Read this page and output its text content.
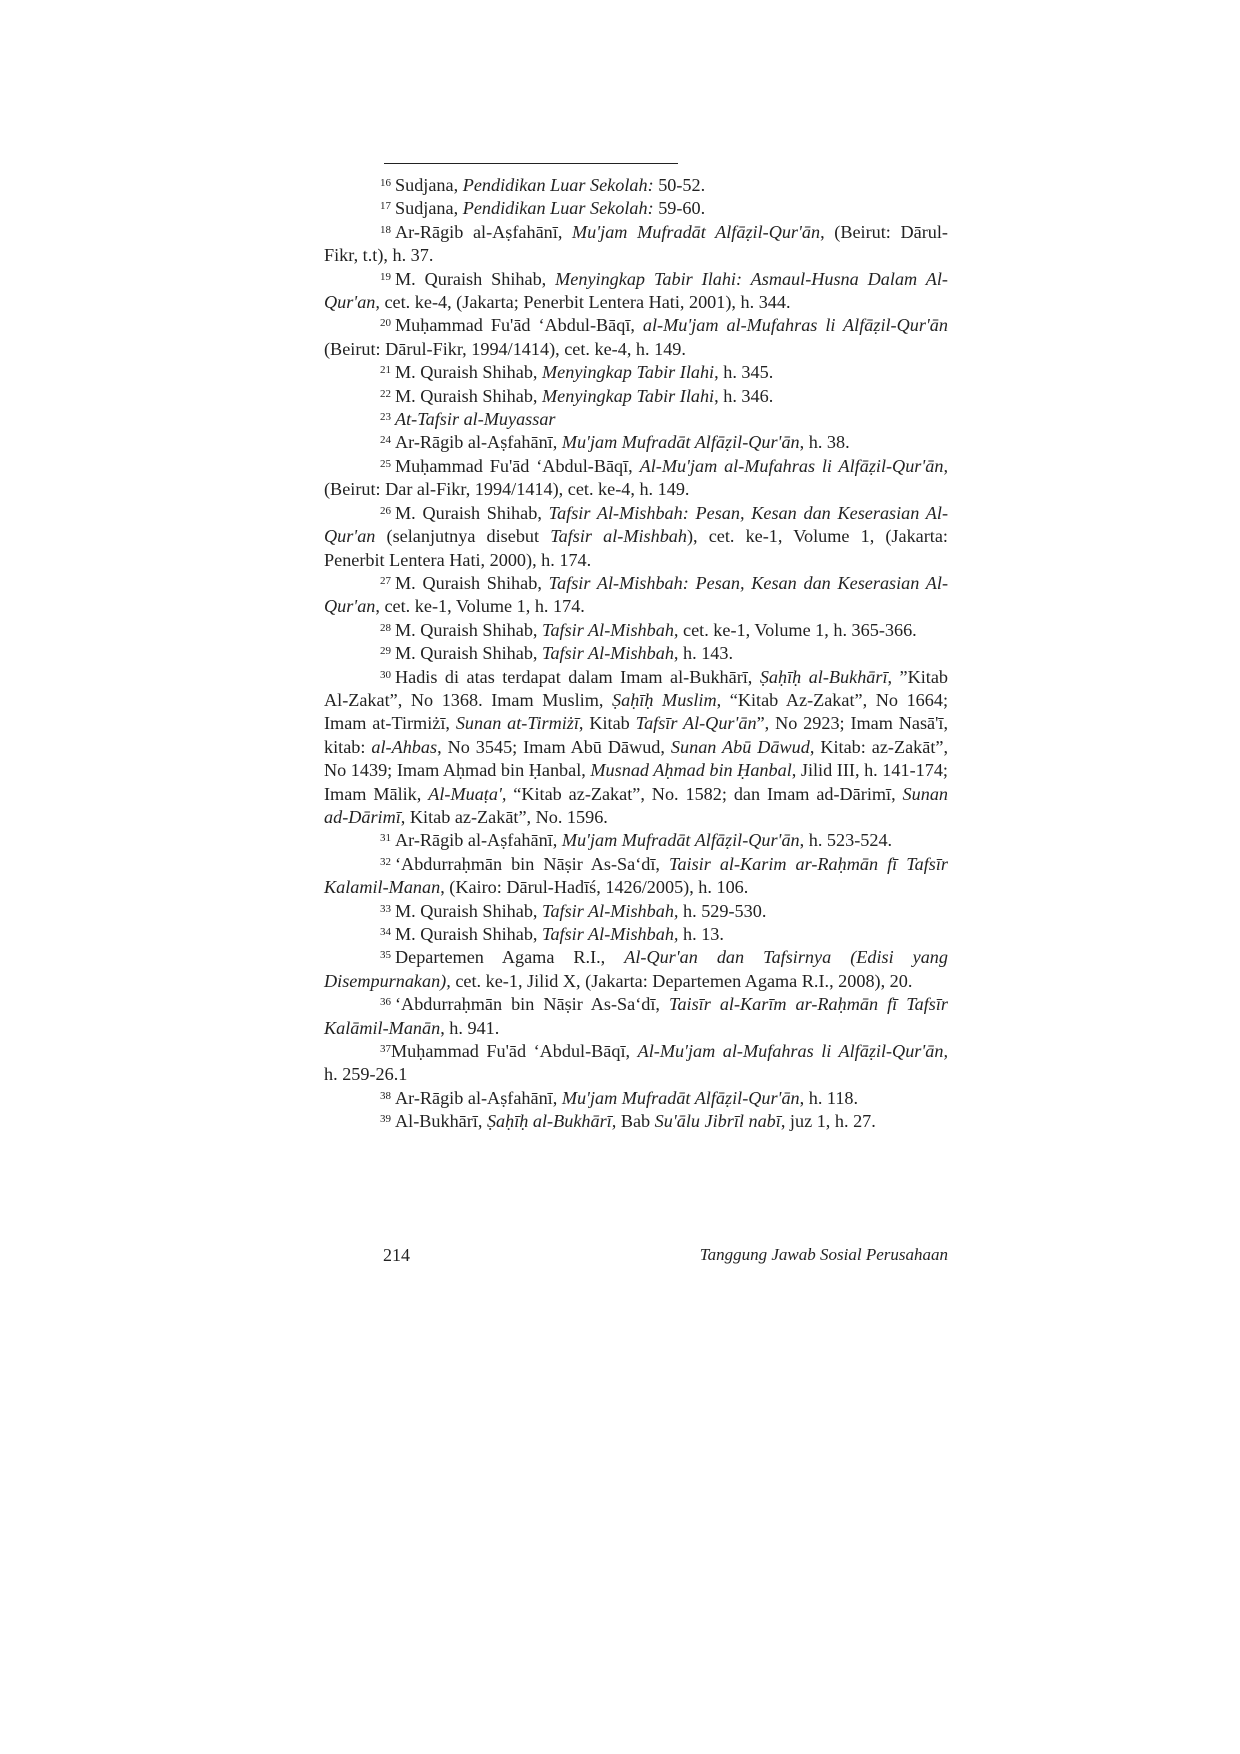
$^{16}$ Sudjana, Pendidikan Luar Sekolah: 50-52.

$^{17}$ Sudjana, Pendidikan Luar Sekolah: 59-60.

$^{18}$ Ar-Rāgib al-Aṣfahānī, Mu'jam Mufradāt Alfāẓil-Qur'ān, (Beirut: Dārul-Fikr, t.t), h. 37.

$^{19}$ M. Quraish Shihab, Menyingkap Tabir Ilahi: Asmaul-Husna Dalam Al-Qur'an, cet. ke-4, (Jakarta; Penerbit Lentera Hati, 2001), h. 344.

$^{20}$ Muḥammad Fu'ād ‘Abdul-Bāqī, al-Mu'jam al-Mufahras li Alfāẓil-Qur'ān (Beirut: Dārul-Fikr, 1994/1414), cet. ke-4, h. 149.

$^{21}$ M. Quraish Shihab, Menyingkap Tabir Ilahi, h. 345.

$^{22}$ M. Quraish Shihab, Menyingkap Tabir Ilahi, h. 346.

$^{23}$ At-Tafsir al-Muyassar

$^{24}$ Ar-Rāgib al-Aṣfahānī, Mu'jam Mufradāt Alfāẓil-Qur'ān, h. 38.

$^{25}$ Muḥammad Fu'ād ‘Abdul-Bāqī, Al-Mu'jam al-Mufahras li Alfāẓil-Qur'ān, (Beirut: Dar al-Fikr, 1994/1414), cet. ke-4, h. 149.

$^{26}$ M. Quraish Shihab, Tafsir Al-Mishbah: Pesan, Kesan dan Keserasian Al-Qur'an (selanjutnya disebut Tafsir al-Mishbah), cet. ke-1, Volume 1, (Jakarta: Penerbit Lentera Hati, 2000), h. 174.

$^{27}$ M. Quraish Shihab, Tafsir Al-Mishbah: Pesan, Kesan dan Keserasian Al-Qur'an, cet. ke-1, Volume 1, h. 174.

$^{28}$ M. Quraish Shihab, Tafsir Al-Mishbah, cet. ke-1, Volume 1, h. 365-366.

$^{29}$ M. Quraish Shihab, Tafsir Al-Mishbah, h. 143.

$^{30}$ Hadis di atas terdapat dalam Imam al-Bukhārī, Ṣaḥīḥ al-Bukhārī, ”Kitab Al-Zakat”, No 1368. Imam Muslim, Ṣaḥīḥ Muslim, “Kitab Az-Zakat”, No 1664; Imam at-Tirmiżī, Sunan at-Tirmiżī, Kitab Tafsīr Al-Qur'ān”, No 2923; Imam Nasā'ī, kitab: al-Ahbas, No 3545; Imam Abū Dāwud, Sunan Abū Dāwud, Kitab: az-Zakāt”, No 1439; Imam Aḥmad bin Ḥanbal, Musnad Aḥmad bin Ḥanbal, Jilid III, h. 141-174; Imam Mālik, Al-Muaṭa', “Kitab az-Zakat”, No. 1582; dan Imam ad-Dārimī, Sunan ad-Dārimī, Kitab az-Zakāt”, No. 1596.

$^{31}$ Ar-Rāgib al-Aṣfahānī, Mu'jam Mufradāt Alfāẓil-Qur'ān, h. 523-524.

$^{32}$ ‘Abdurraḥmān bin Nāṣir As-Sa‘dī, Taisir al-Karim ar-Raḥmān fī Tafsīr Kalamil-Manan, (Kairo: Dārul-Hadīś, 1426/2005), h. 106.

$^{33}$ M. Quraish Shihab, Tafsir Al-Mishbah, h. 529-530.

$^{34}$ M. Quraish Shihab, Tafsir Al-Mishbah, h. 13.

$^{35}$ Departemen Agama R.I., Al-Qur'an dan Tafsirnya (Edisi yang Disempurnakan), cet. ke-1, Jilid X, (Jakarta: Departemen Agama R.I., 2008), 20.

$^{36}$ ‘Abdurraḥmān bin Nāṣir As-Sa‘dī, Taisīr al-Karīm ar-Raḥmān fī Tafsīr Kalāmil-Manān, h. 941.

$^{37}$Muḥammad Fu'ād ‘Abdul-Bāqī, Al-Mu'jam al-Mufahras li Alfāẓil-Qur'ān, h. 259-26.1

$^{38}$ Ar-Rāgib al-Aṣfahānī, Mu'jam Mufradāt Alfāẓil-Qur'ān, h. 118.

$^{39}$ Al-Bukhārī, Ṣaḥīḥ al-Bukhārī, Bab Su'ālu Jibrīl nabī, juz 1, h. 27.

214	Tanggung Jawab Sosial Perusahaan
